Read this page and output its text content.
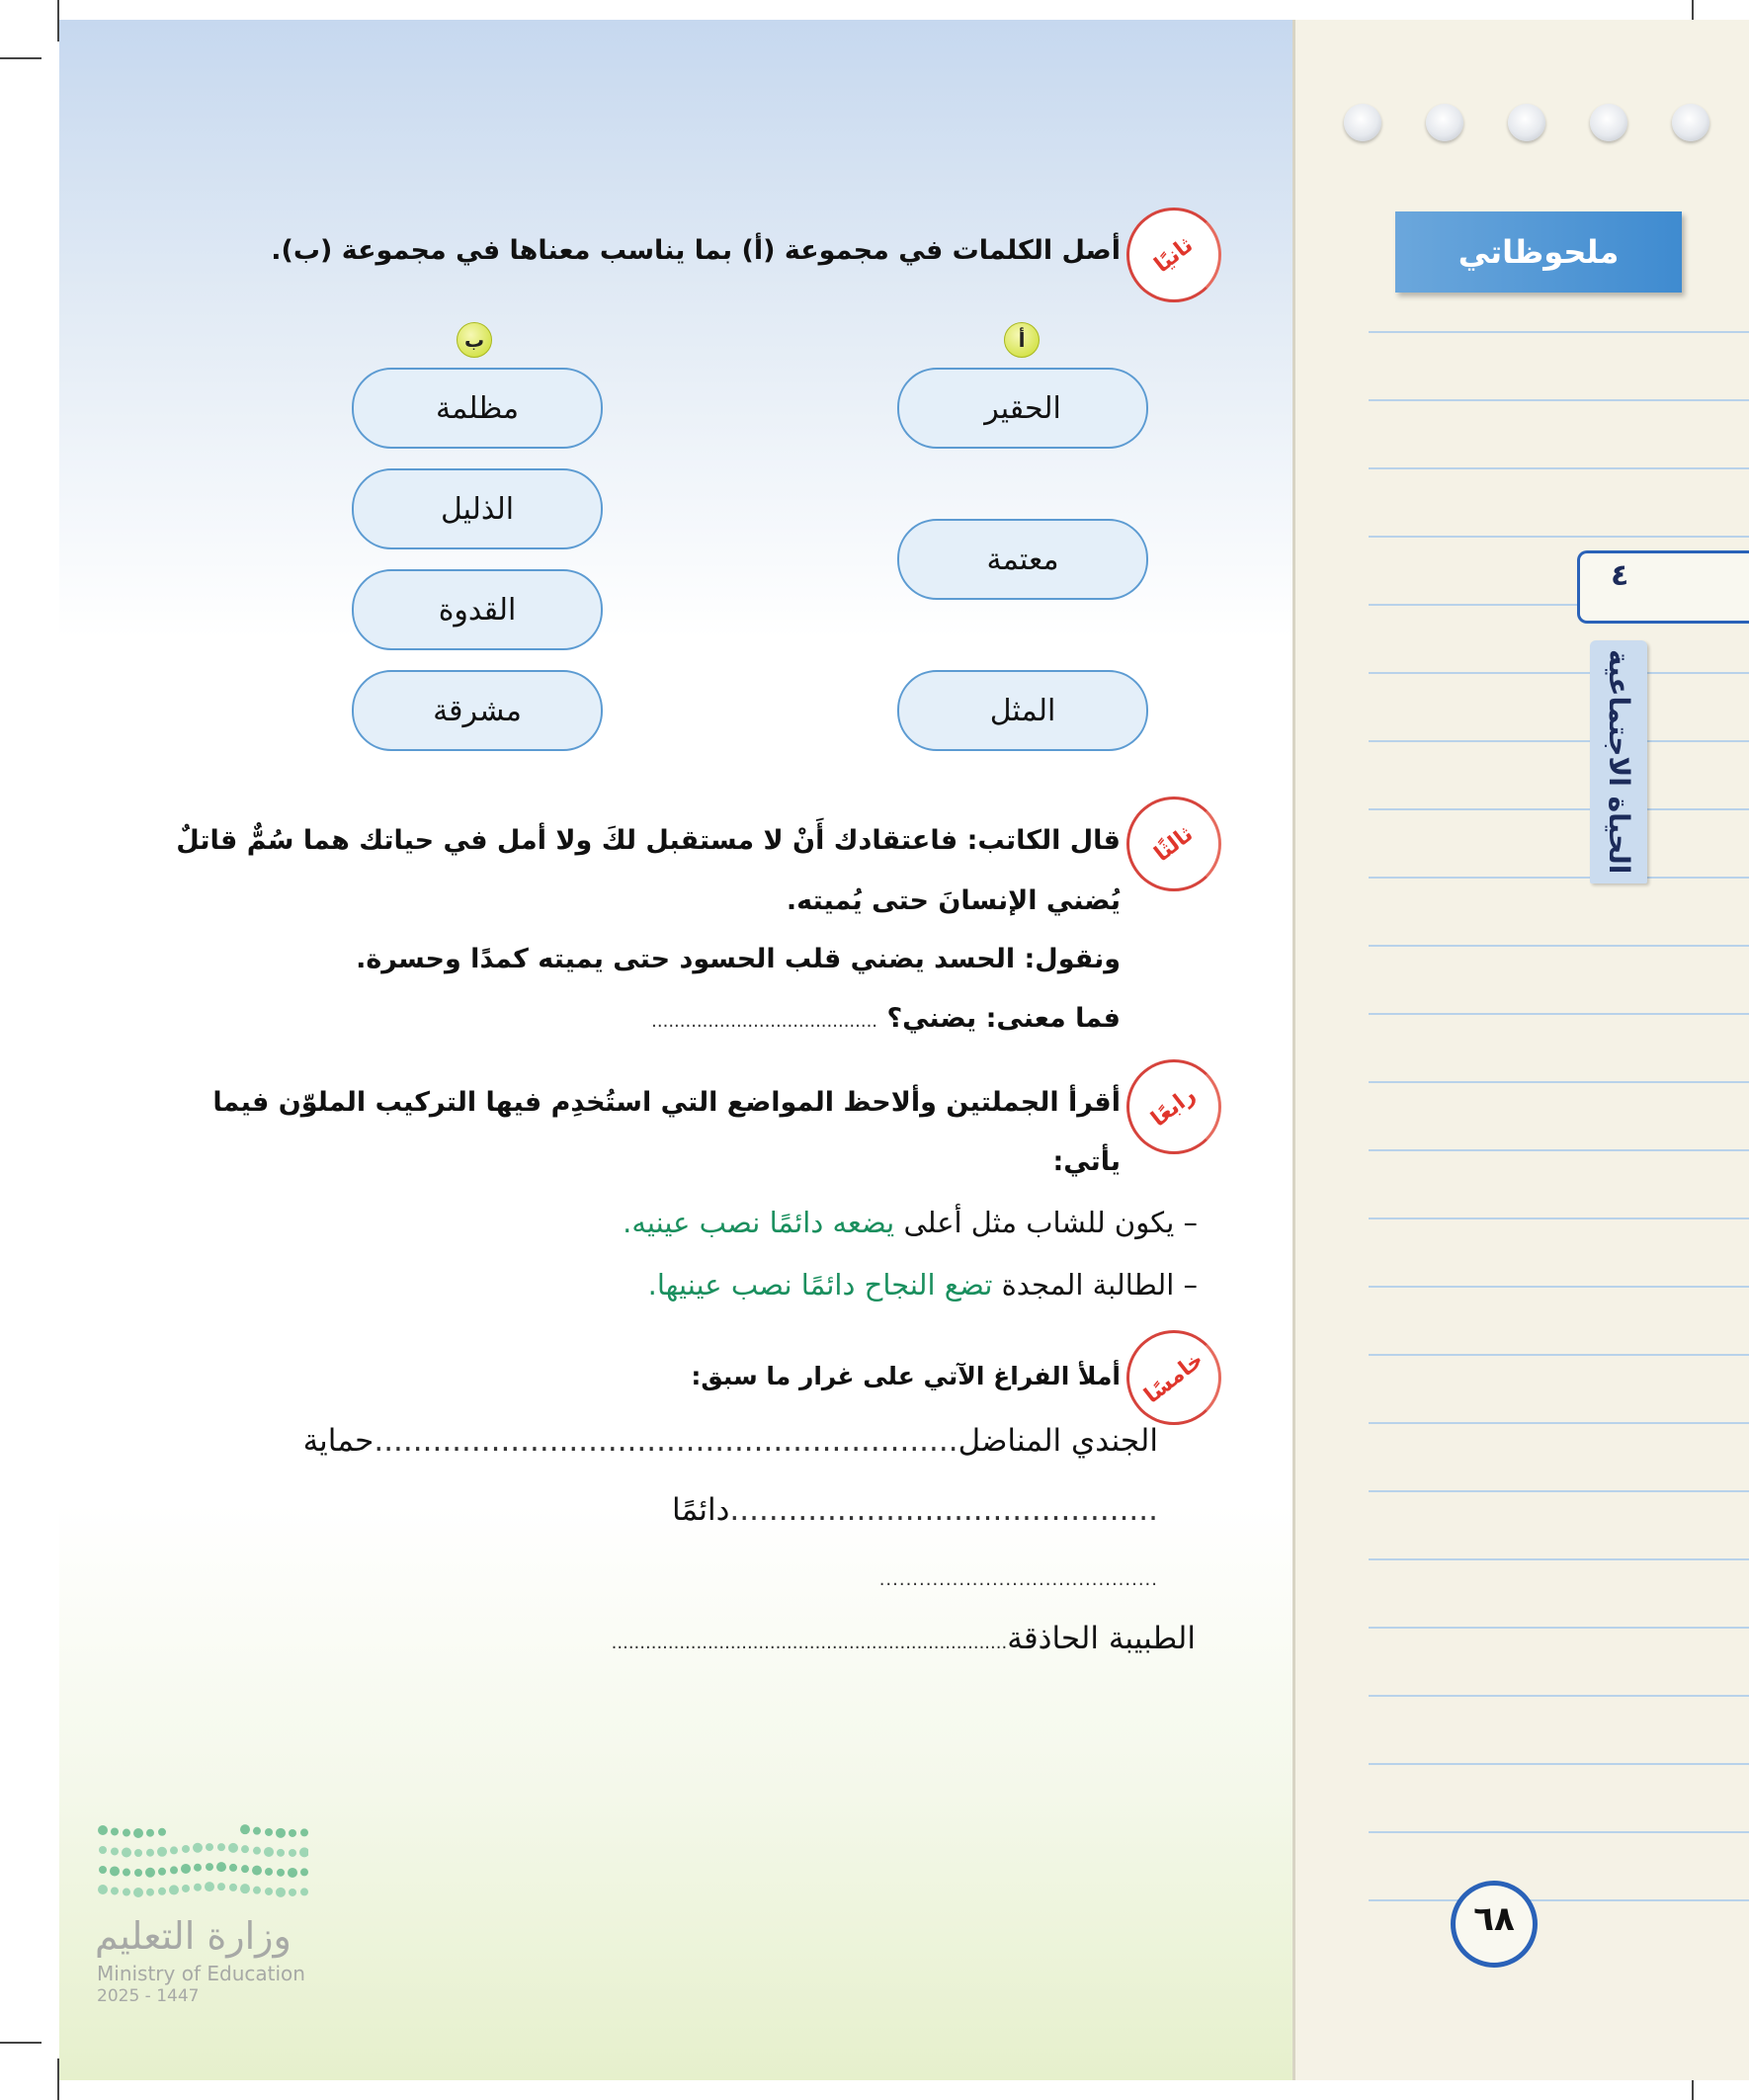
ملحوظاتي
٤
الحياة الاجتماعية
٦٨
ثانيًا
أصل الكلمات في مجموعة (أ) بما يناسب معناها في مجموعة (ب).
أ
ب
الحقير
معتمة
المثل
مظلمة
الذليل
القدوة
مشرقة
ثالثًا
قال الكاتب: فاعتقادك أَنْ لا مستقبل لكَ ولا أمل في حياتك هما سُمٌّ قاتلٌ
يُضني الإنسانَ حتى يُميته.
ونقول: الحسد يضني قلب الحسود حتى يميته كمدًا وحسرة.
فما معنى: يضني؟ ........................................
رابعًا
أقرأ الجملتين وألاحظ المواضع التي استُخدِم فيها التركيب الملوّن فيما
يأتي:
– يكون للشاب مثل أعلى يضعه دائمًا نصب عينيه.
– الطالبة المجدة تضع النجاح دائمًا نصب عينيها.
خامسًا
أملأ الفراغ الآتي على غرار ما سبق:
الجندي المناضل............................................................حماية
............................................دائمًا
..........................................
الطبيبة الحاذقة......................................................................
وزارة التعليم
Ministry of Education
2025 - 1447
